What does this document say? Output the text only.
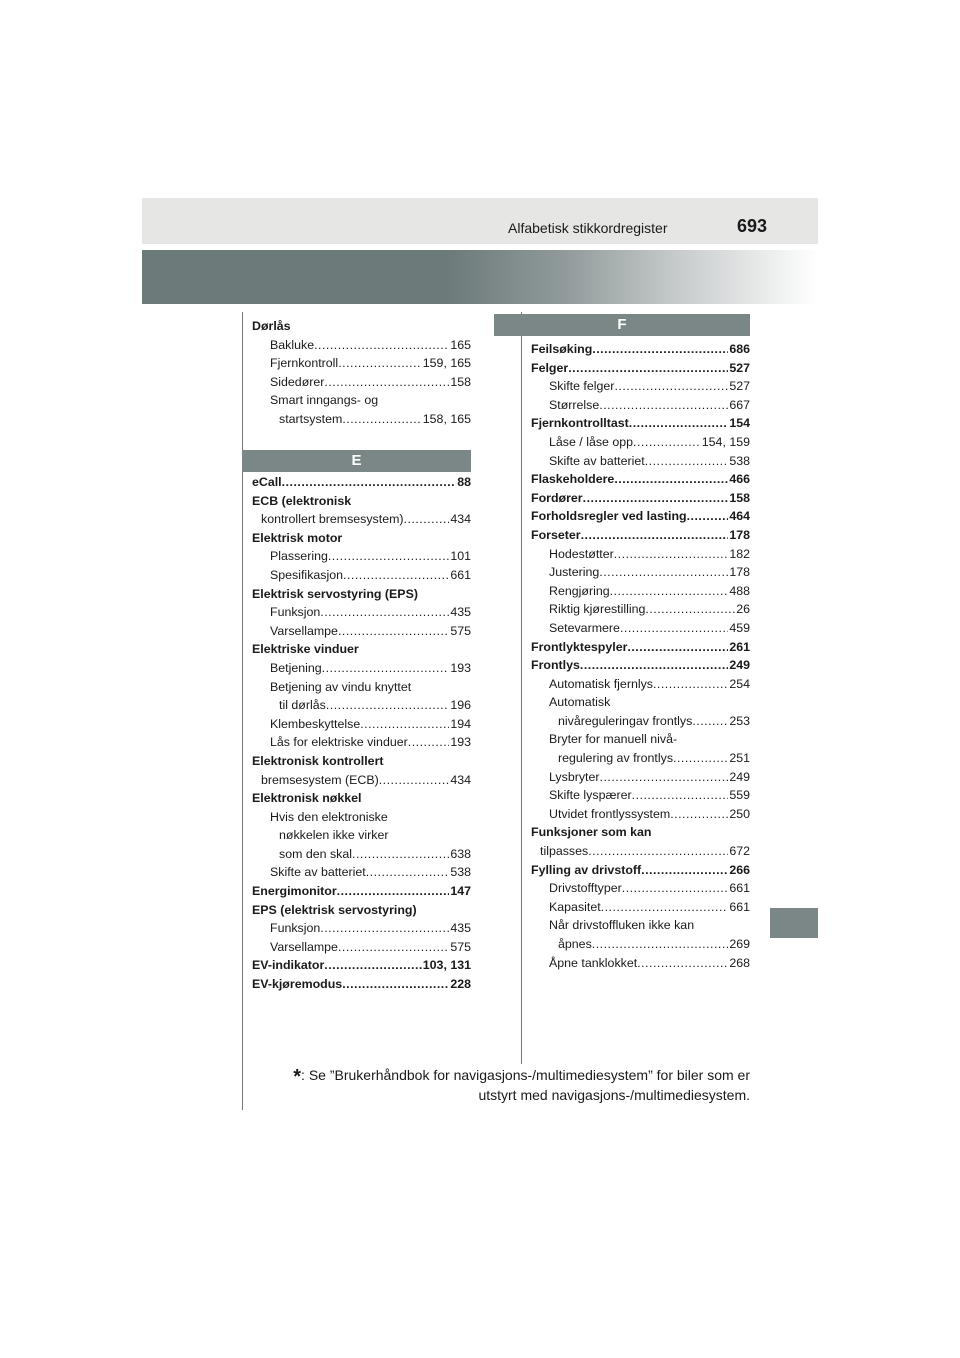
Alfabetisk stikkordregister	693
Dørlås
Bakluke .....	165
Fjernkontroll .....	159, 165
Sidedører .....	158
Smart inngangs- og
startsystem .....	158, 165
E
eCall .....	88
ECB (elektronisk
kontrollert bremsesystem) .....	434
Elektrisk motor
Plassering .....	101
Spesifikasjon .....	661
Elektrisk servostyring (EPS)
Funksjon .....	435
Varsellampe .....	575
Elektriske vinduer
Betjening .....	193
Betjening av vindu knyttet
til dørlås .....	196
Klembeskyttelse .....	194
Lås for elektriske vinduer .....	193
Elektronisk kontrollert
bremsesystem (ECB) .....	434
Elektronisk nøkkel
Hvis den elektroniske
nøkkelen ikke virker
som den skal .....	638
Skifte av batteriet .....	538
Energimonitor .....	147
EPS (elektrisk servostyring)
Funksjon .....	435
Varsellampe .....	575
EV-indikator .....	103, 131
EV-kjøremodus .....	228
F
Feilsøking .....	686
Felger .....	527
Skifte felger .....	527
Størrelse .....	667
Fjernkontrolltast .....	154
Låse / låse opp .....	154, 159
Skifte av batteriet .....	538
Flaskeholdere .....	466
Fordører .....	158
Forholdsregler ved lasting .....	464
Forseter .....	178
Hodestøtter .....	182
Justering .....	178
Rengjøring .....	488
Riktig kjørestilling .....	26
Setevarmere .....	459
Frontlyktespyler .....	261
Frontlys .....	249
Automatisk fjernlys .....	254
Automatisk
nivåreguleringav frontlys .....	253
Bryter for manuell nivå-
regulering av frontlys .....	251
Lysbryter .....	249
Skifte lyspærer .....	559
Utvidet frontlyssystem .....	250
Funksjoner som kan
tilpasses .....	672
Fylling av drivstoff .....	266
Drivstofftyper .....	661
Kapasitet .....	661
Når drivstoffluken ikke kan
åpnes .....	269
Åpne tanklokket .....	268
*: Se ”Brukerhåndbok for navigasjons-/multimediesystem” for biler som er utstyrt med navigasjons-/multimediesystem.
